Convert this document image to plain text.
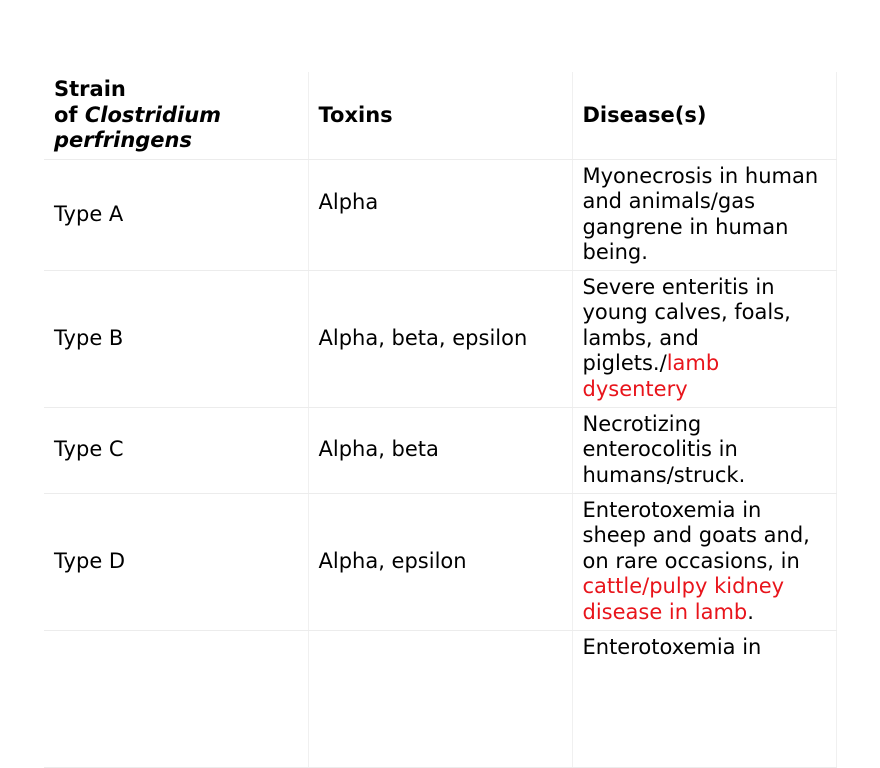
Strain
of Clostridium perfringens	Toxins	Disease(s)
Type A	Alpha	Myonecrosis in human and animals/gas gangrene in human being.
Type B	Alpha, beta, epsilon	Severe enteritis in young calves, foals, lambs, and piglets./lamb dysentery
Type C	Alpha, beta	Necrotizing enterocolitis in humans/struck.
Type D	Alpha, epsilon	Enterotoxemia in sheep and goats and, on rare occasions, in cattle/pulpy kidney disease in lamb.
		Enterotoxemia in
